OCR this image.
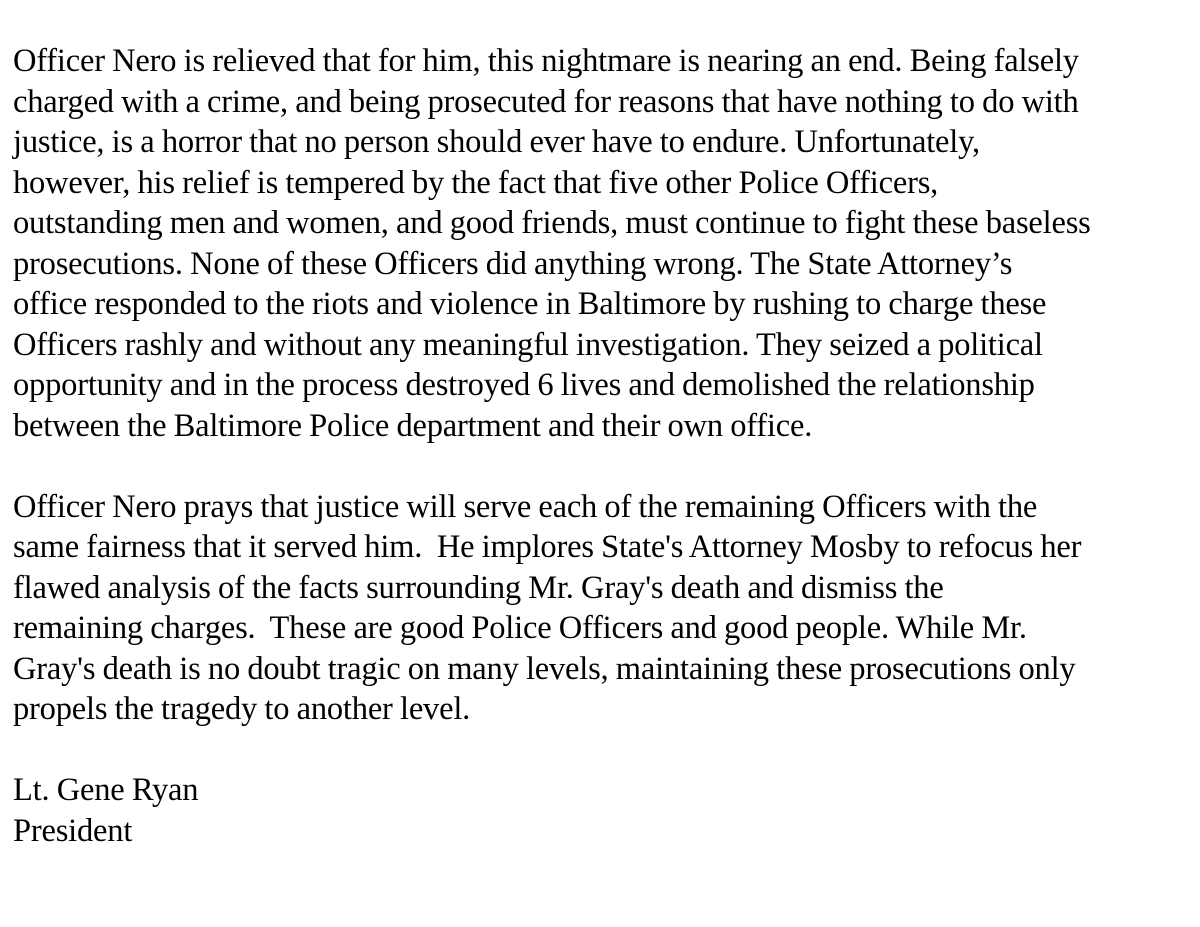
Officer Nero is relieved that for him, this nightmare is nearing an end. Being falsely
charged with a crime, and being prosecuted for reasons that have nothing to do with
justice, is a horror that no person should ever have to endure. Unfortunately,
however, his relief is tempered by the fact that five other Police Officers,
outstanding men and women, and good friends, must continue to fight these baseless
prosecutions. None of these Officers did anything wrong. The State Attorney’s
office responded to the riots and violence in Baltimore by rushing to charge these
Officers rashly and without any meaningful investigation. They seized a political
opportunity and in the process destroyed 6 lives and demolished the relationship
between the Baltimore Police department and their own office.
Officer Nero prays that justice will serve each of the remaining Officers with the
same fairness that it served him.  He implores State's Attorney Mosby to refocus her
flawed analysis of the facts surrounding Mr. Gray's death and dismiss the
remaining charges.  These are good Police Officers and good people. While Mr.
Gray's death is no doubt tragic on many levels, maintaining these prosecutions only
propels the tragedy to another level.
Lt. Gene Ryan
President
